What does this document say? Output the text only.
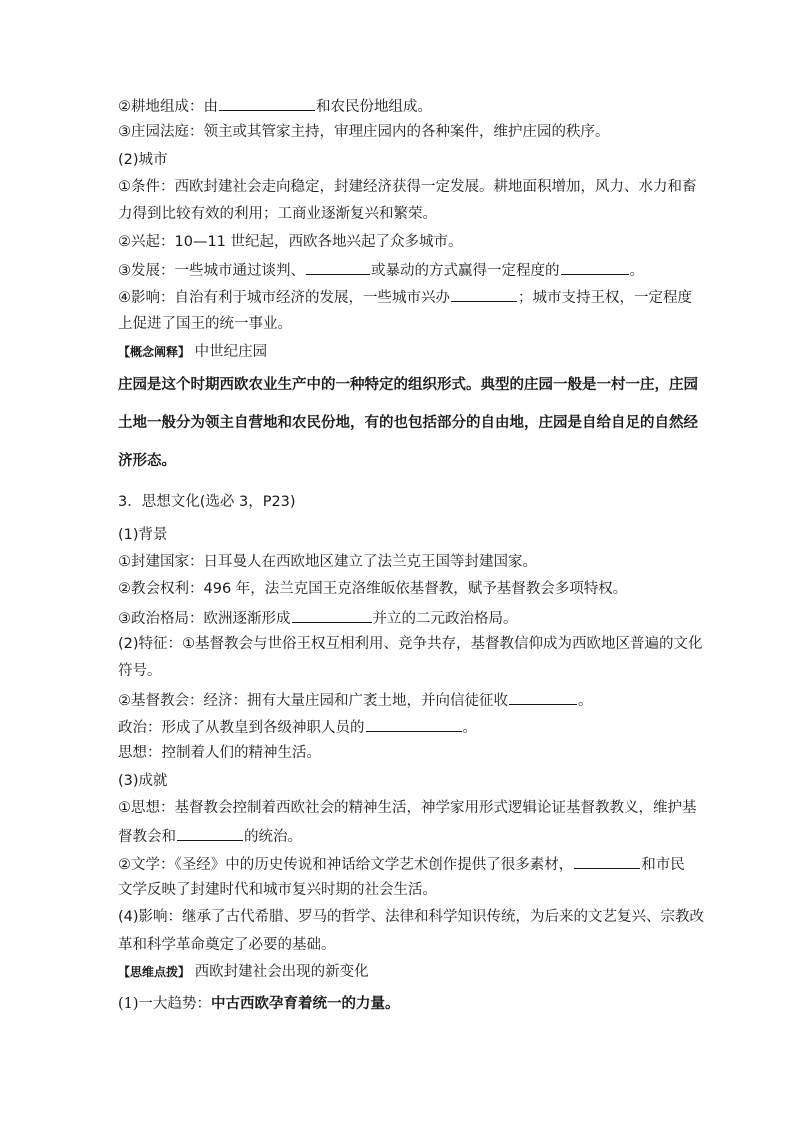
②耕地组成：由	和农民份地组成。
③庄园法庭：领主或其管家主持，审理庄园内的各种案件，维护庄园的秩序。
(2)城市
①条件：西欧封建社会走向稳定，封建经济获得一定发展。耕地面积增加，风力、水力和畜
力得到比较有效的利用；工商业逐渐复兴和繁荣。
②兴起：10—11 世纪起，西欧各地兴起了众多城市。
③发展：一些城市通过谈判、	或暴动的方式赢得一定程度的	。
④影响：自治有利于城市经济的发展，一些城市兴办	；城市支持王权，一定程度
上促进了国王的统一事业。
【概念阐释】 中世纪庄园
庄园是这个时期西欧农业生产中的一种特定的组织形式。典型的庄园一般是一村一庄，庄园
土地一般分为领主自营地和农民份地，有的也包括部分的自由地，庄园是自给自足的自然经
济形态。
3．思想文化(选必 3，P23)
(1)背景
①封建国家：日耳曼人在西欧地区建立了法兰克王国等封建国家。
②教会权利：496 年，法兰克国王克洛维皈依基督教，赋予基督教会多项特权。
③政治格局：欧洲逐渐形成	并立的二元政治格局。
(2)特征：①基督教会与世俗王权互相利用、竞争共存，基督教信仰成为西欧地区普遍的文化
符号。
②基督教会：经济：拥有大量庄园和广袤土地，并向信徒征收	。
政治：形成了从教皇到各级神职人员的	。
思想：控制着人们的精神生活。
(3)成就
①思想：基督教会控制着西欧社会的精神生活，神学家用形式逻辑论证基督教教义，维护基
督教会和	的统治。
②文学：《圣经》中的历史传说和神话给文学艺术创作提供了很多素材，	和市民
文学反映了封建时代和城市复兴时期的社会生活。
(4)影响：继承了古代希腊、罗马的哲学、法律和科学知识传统，为后来的文艺复兴、宗教改
革和科学革命奠定了必要的基础。
【思维点拨】 西欧封建社会出现的新变化
(1)一大趋势：中古西欧孕育着统一的力量。
